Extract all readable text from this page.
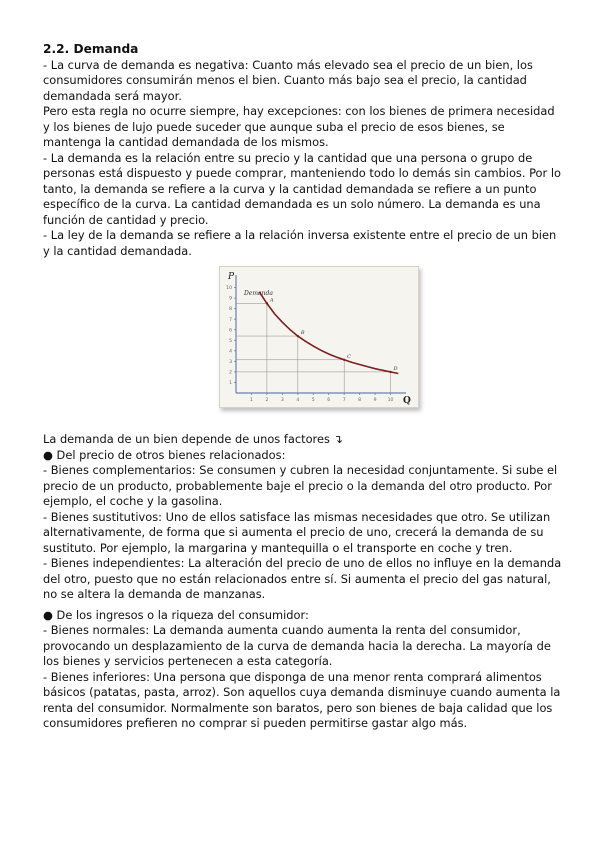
2.2. Demanda

- La curva de demanda es negativa: Cuanto más elevado sea el precio de un bien, los consumidores consumirán menos el bien. Cuanto más bajo sea el precio, la cantidad demandada será mayor.

Pero esta regla no ocurre siempre, hay excepciones: con los bienes de primera necesidad y los bienes de lujo puede suceder que aunque suba el precio de esos bienes, se mantenga la cantidad demandada de los mismos.

- La demanda es la relación entre su precio y la cantidad que una persona o grupo de personas está dispuesto y puede comprar, manteniendo todo lo demás sin cambios. Por lo tanto, la demanda se refiere a la curva y la cantidad demandada se refiere a un punto específico de la curva. La cantidad demandada es un solo número. La demanda es una función de cantidad y precio.

- La ley de la demanda se refiere a la relación inversa existente entre el precio de un bien y la cantidad demandada.

P
Q
Demanda
1	2	3	4	5	6	7	8	9 10
1
2
3
4
5
6
7
8
9
10
A
B
C
D

La demanda de un bien depende de unos factores ↴

● Del precio de otros bienes relacionados:

- Bienes complementarios: Se consumen y cubren la necesidad conjuntamente. Si sube el precio de un producto, probablemente baje el precio o la demanda del otro producto. Por ejemplo, el coche y la gasolina.

- Bienes sustitutivos: Uno de ellos satisface las mismas necesidades que otro. Se utilizan alternativamente, de forma que si aumenta el precio de uno, crecerá la demanda de su sustituto. Por ejemplo, la margarina y mantequilla o el transporte en coche y tren.

- Bienes independientes: La alteración del precio de uno de ellos no influye en la demanda del otro, puesto que no están relacionados entre sí. Si aumenta el precio del gas natural, no se altera la demanda de manzanas.

● De los ingresos o la riqueza del consumidor:

- Bienes normales: La demanda aumenta cuando aumenta la renta del consumidor, provocando un desplazamiento de la curva de demanda hacia la derecha. La mayoría de los bienes y servicios pertenecen a esta categoría.

- Bienes inferiores: Una persona que disponga de una menor renta comprará alimentos básicos (patatas, pasta, arroz). Son aquellos cuya demanda disminuye cuando aumenta la renta del consumidor. Normalmente son baratos, pero son bienes de baja calidad que los consumidores prefieren no comprar si pueden permitirse gastar algo más.
